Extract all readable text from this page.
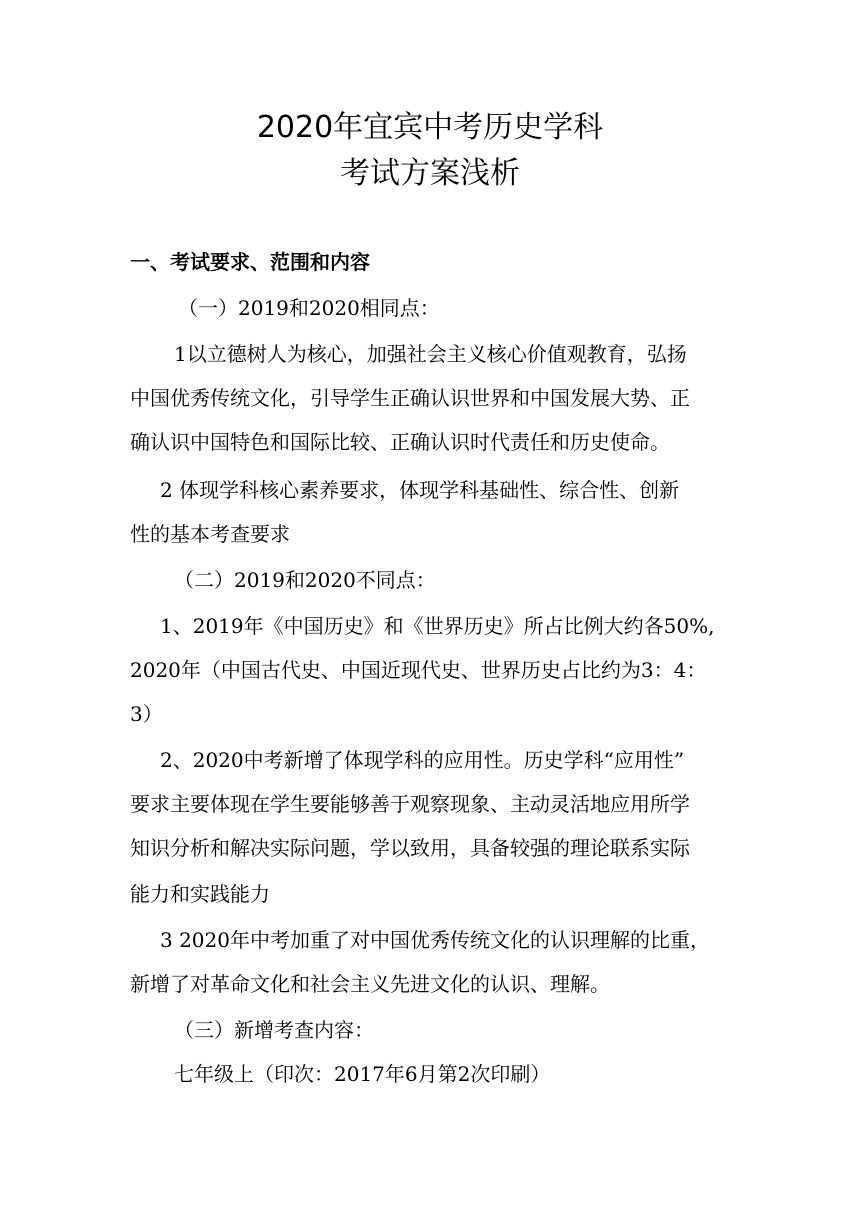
2020年宜宾中考历史学科
考试方案浅析
一、考试要求、范围和内容
（一）2019和2020相同点：
1以立德树人为核心，加强社会主义核心价值观教育，弘扬
中国优秀传统文化，引导学生正确认识世界和中国发展大势、正
确认识中国特色和国际比较、正确认识时代责任和历史使命。
2 体现学科核心素养要求，体现学科基础性、综合性、创新
性的基本考查要求
（二）2019和2020不同点：
1、2019年《中国历史》和《世界历史》所占比例大约各50%,
2020年（中国古代史、中国近现代史、世界历史占比约为3：4：
3）
2、2020中考新增了体现学科的应用性。历史学科“应用性”
要求主要体现在学生要能够善于观察现象、主动灵活地应用所学
知识分析和解决实际问题，学以致用，具备较强的理论联系实际
能力和实践能力
3 2020年中考加重了对中国优秀传统文化的认识理解的比重，
新增了对革命文化和社会主义先进文化的认识、理解。
（三）新增考查内容：
七年级上（印次：2017年6月第2次印刷）
